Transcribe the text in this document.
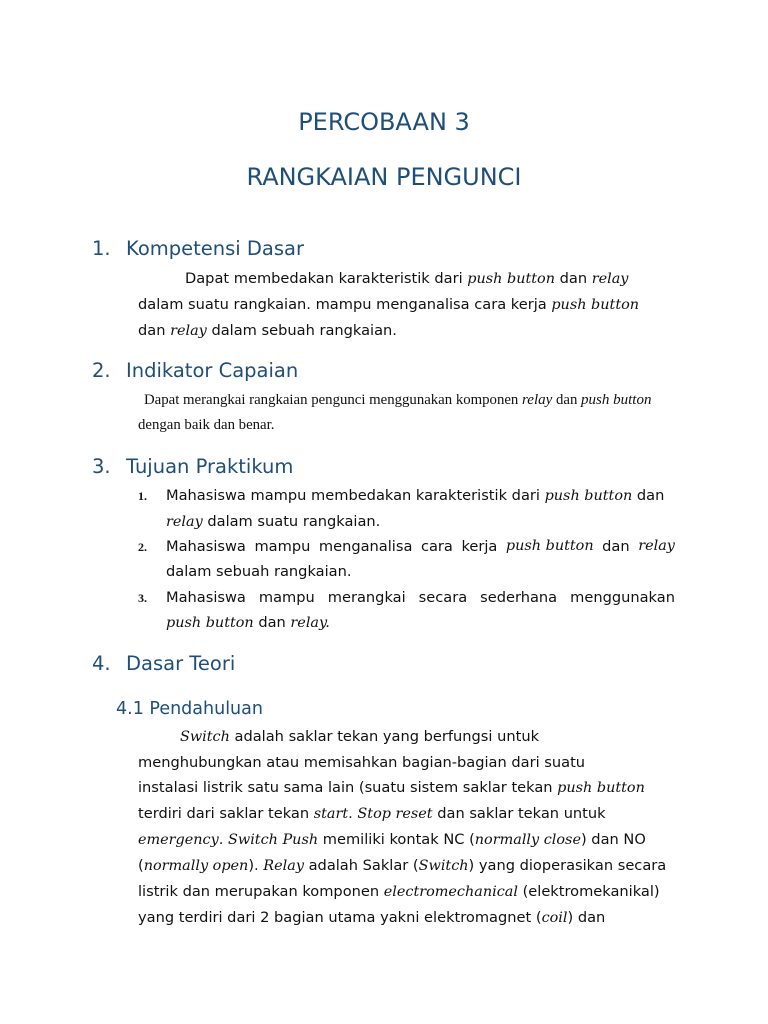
PERCOBAAN 3
RANGKAIAN PENGUNCI
1. Kompetensi Dasar
Dapat membedakan karakteristik dari push button dan relay
dalam suatu rangkaian. mampu menganalisa cara kerja push button
dan relay dalam sebuah rangkaian.
2. Indikator Capaian
Dapat merangkai rangkaian pengunci menggunakan komponen relay dan push button
dengan baik dan benar.
3. Tujuan Praktikum
1. Mahasiswa mampu membedakan karakteristik dari push button dan
relay dalam suatu rangkaian.
2. Mahasiswa mampu menganalisa cara kerja push button dan relay
dalam sebuah rangkaian.
3. Mahasiswa mampu merangkai secara sederhana menggunakan
push button dan relay.
4. Dasar Teori
4.1 Pendahuluan
Switch adalah saklar tekan yang berfungsi untuk
menghubungkan atau memisahkan bagian-bagian dari suatu
instalasi listrik satu sama lain (suatu sistem saklar tekan push button
terdiri dari saklar tekan start. Stop reset dan saklar tekan untuk
emergency. Switch Push memiliki kontak NC (normally close) dan NO
(normally open). Relay adalah Saklar (Switch) yang dioperasikan secara
listrik dan merupakan komponen electromechanical (elektromekanikal)
yang terdiri dari 2 bagian utama yakni elektromagnet (coil) dan
